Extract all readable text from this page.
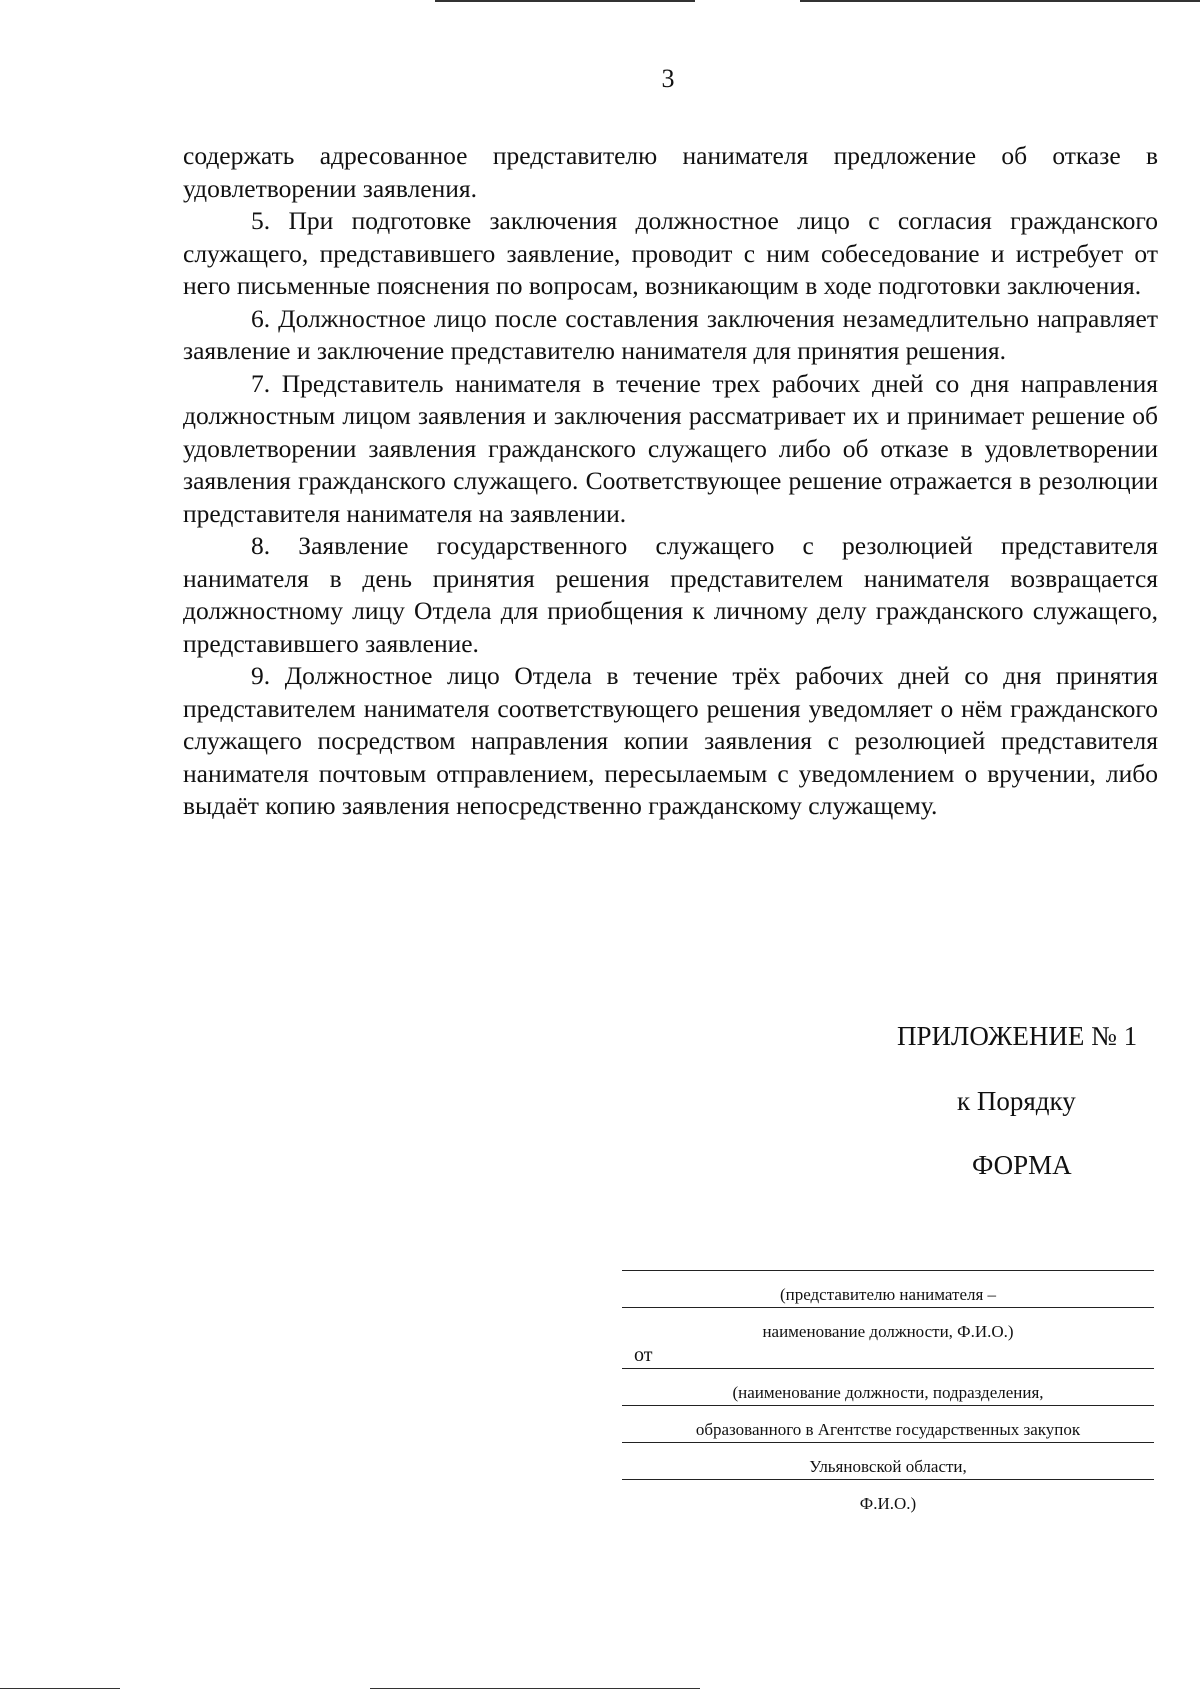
3

содержать адресованное представителю нанимателя предложение об отказе в удовлетворении заявления.

5. При подготовке заключения должностное лицо с согласия гражданского служащего, представившего заявление, проводит с ним собеседование и истребует от него письменные пояснения по вопросам, возникающим в ходе подготовки заключения.

6. Должностное лицо после составления заключения незамедлительно направляет заявление и заключение представителю нанимателя для принятия решения.

7. Представитель нанимателя в течение трех рабочих дней со дня направления должностным лицом заявления и заключения рассматривает их и принимает решение об удовлетворении заявления гражданского служащего либо об отказе в удовлетворении заявления гражданского служащего. Соответствующее решение отражается в резолюции представителя нанимателя на заявлении.

8. Заявление государственного служащего с резолюцией представителя нанимателя в день принятия решения представителем нанимателя возвращается должностному лицу Отдела для приобщения к личному делу гражданского служащего, представившего заявление.

9. Должностное лицо Отдела в течение трёх рабочих дней со дня принятия представителем нанимателя соответствующего решения уведомляет о нём гражданского служащего посредством направления копии заявления с резолюцией представителя нанимателя почтовым отправлением, пересылаемым с уведомлением о вручении, либо выдаёт копию заявления непосредственно гражданскому служащему.

ПРИЛОЖЕНИЕ № 1
к Порядку
ФОРМА
(представителю нанимателя –
наименование должности, Ф.И.О.)
от
(наименование должности, подразделения,
образованного в Агентстве государственных закупок
Ульяновской области,
Ф.И.О.)
